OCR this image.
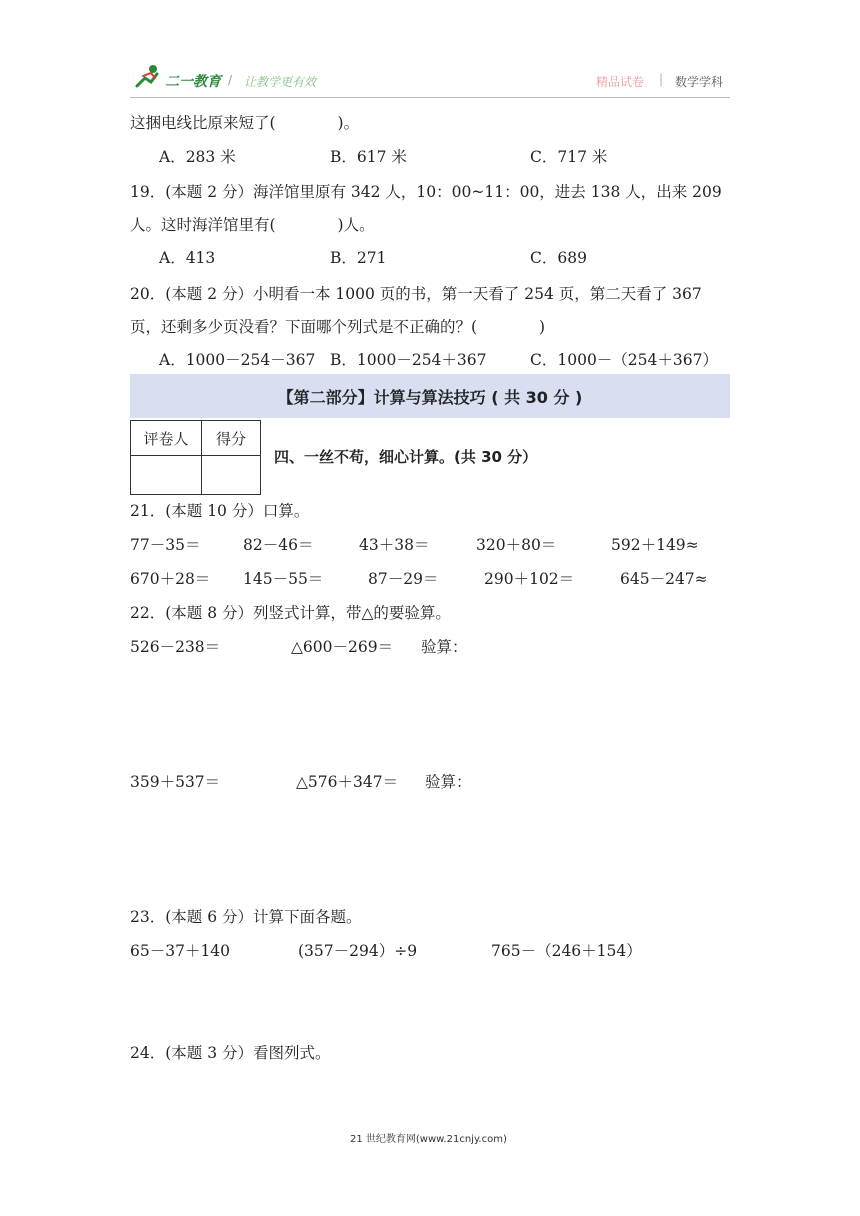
二一教育 / 让教学更有效	精品试卷 | 数学学科
这捆电线比原来短了(　　　　)。
A．283 米	B．617 米	C．717 米
19．(本题 2 分）海洋馆里原有 342 人，10：00~11：00，进去 138 人，出来 209
人。这时海洋馆里有(　　　　)人。
A．413	B．271	C．689
20．(本题 2 分）小明看一本 1000 页的书，第一天看了 254 页，第二天看了 367
页，还剩多少页没看？下面哪个列式是不正确的？(　　　　)
A．1000－254－367 B．1000－254＋367	C．1000－（254＋367）
【第二部分】计算与算法技巧 ( 共 30 分 )
评卷人	得分

四、一丝不苟，细心计算。(共 30 分）
21．(本题 10 分）口算。
77－35＝	82－46＝	43＋38＝	320＋80＝	592＋149≈
670＋28＝ 145－55＝	87－29＝	290＋102＝	645－247≈
22．(本题 8 分）列竖式计算，带△的要验算。
526－238＝	△600－269＝ 验算：
359＋537＝	△576＋347＝ 验算：
23．(本题 6 分）计算下面各题。
65－37＋140	(357－294）÷9	765－（246＋154）
24．(本题 3 分）看图列式。
21 世纪教育网(www.21cnjy.com)
